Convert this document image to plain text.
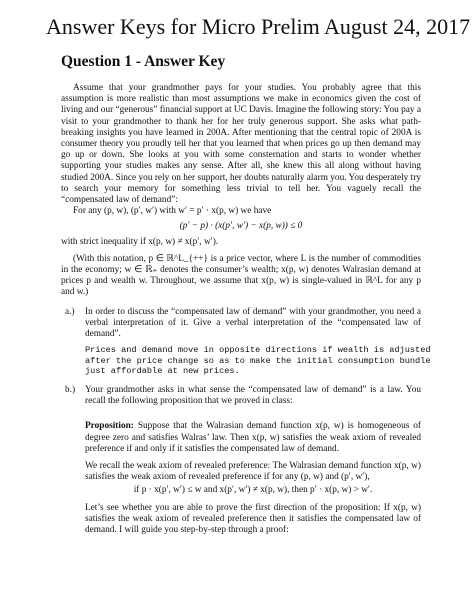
Answer Keys for Micro Prelim August 24, 2017
Question 1 - Answer Key

Assume that your grandmother pays for your studies. You probably agree that this assumption is more realistic than most assumptions we make in economics given the cost of living and our “generous” financial support at UC Davis. Imagine the following story: You pay a visit to your grandmother to thank her for her truly generous support. She asks what path-breaking insights you have learned in 200A. After mentioning that the central topic of 200A is consumer theory you proudly tell her that you learned that when prices go up then demand may go up or down. She looks at you with some consternation and starts to wonder whether supporting your studies makes any sense. After all, she knew this all along without having studied 200A. Since you rely on her support, her doubts naturally alarm you. You desperately try to search your memory for something less trivial to tell her. You vaguely recall the “compensated law of demand”:

For any (p, w), (p′, w′) with w′ = p′ · x(p, w) we have

(p′ − p) · (x(p′, w′) − x(p, w)) ≤ 0

with strict inequality if x(p, w) ≠ x(p′, w′).

(With this notation, p ∈ ℝ^L_{++} is a price vector, where L is the number of commodities in the economy; w ∈ ℝ₊ denotes the consumer’s wealth; x(p, w) denotes Walrasian demand at prices p and wealth w. Throughout, we assume that x(p, w) is single-valued in ℝ^L for any p and w.)

a.) In order to discuss the “compensated law of demand” with your grandmother, you need a verbal interpretation of it. Give a verbal interpretation of the “compensated law of demand”.

Prices and demand move in opposite directions if wealth is adjusted after the price change so as to make the initial consumption bundle just affordable at new prices.
b.) Your grandmother asks in what sense the “compensated law of demand” is a law. You recall the following proposition that we proved in class:

Proposition: Suppose that the Walrasian demand function x(p, w) is homogeneous of degree zero and satisfies Walras’ law. Then x(p, w) satisfies the weak axiom of revealed preference if and only if it satisfies the compensated law of demand.

We recall the weak axiom of revealed preference: The Walrasian demand function x(p, w) satisfies the weak axiom of revealed preference if for any (p, w) and (p′, w′),

if p · x(p′, w′) ≤ w and x(p′, w′) ≠ x(p, w), then p′ · x(p, w) > w′.

Let’s see whether you are able to prove the first direction of the proposition: If x(p, w) satisfies the weak axiom of revealed preference then it satisfies the compensated law of demand. I will guide you step-by-step through a proof:
